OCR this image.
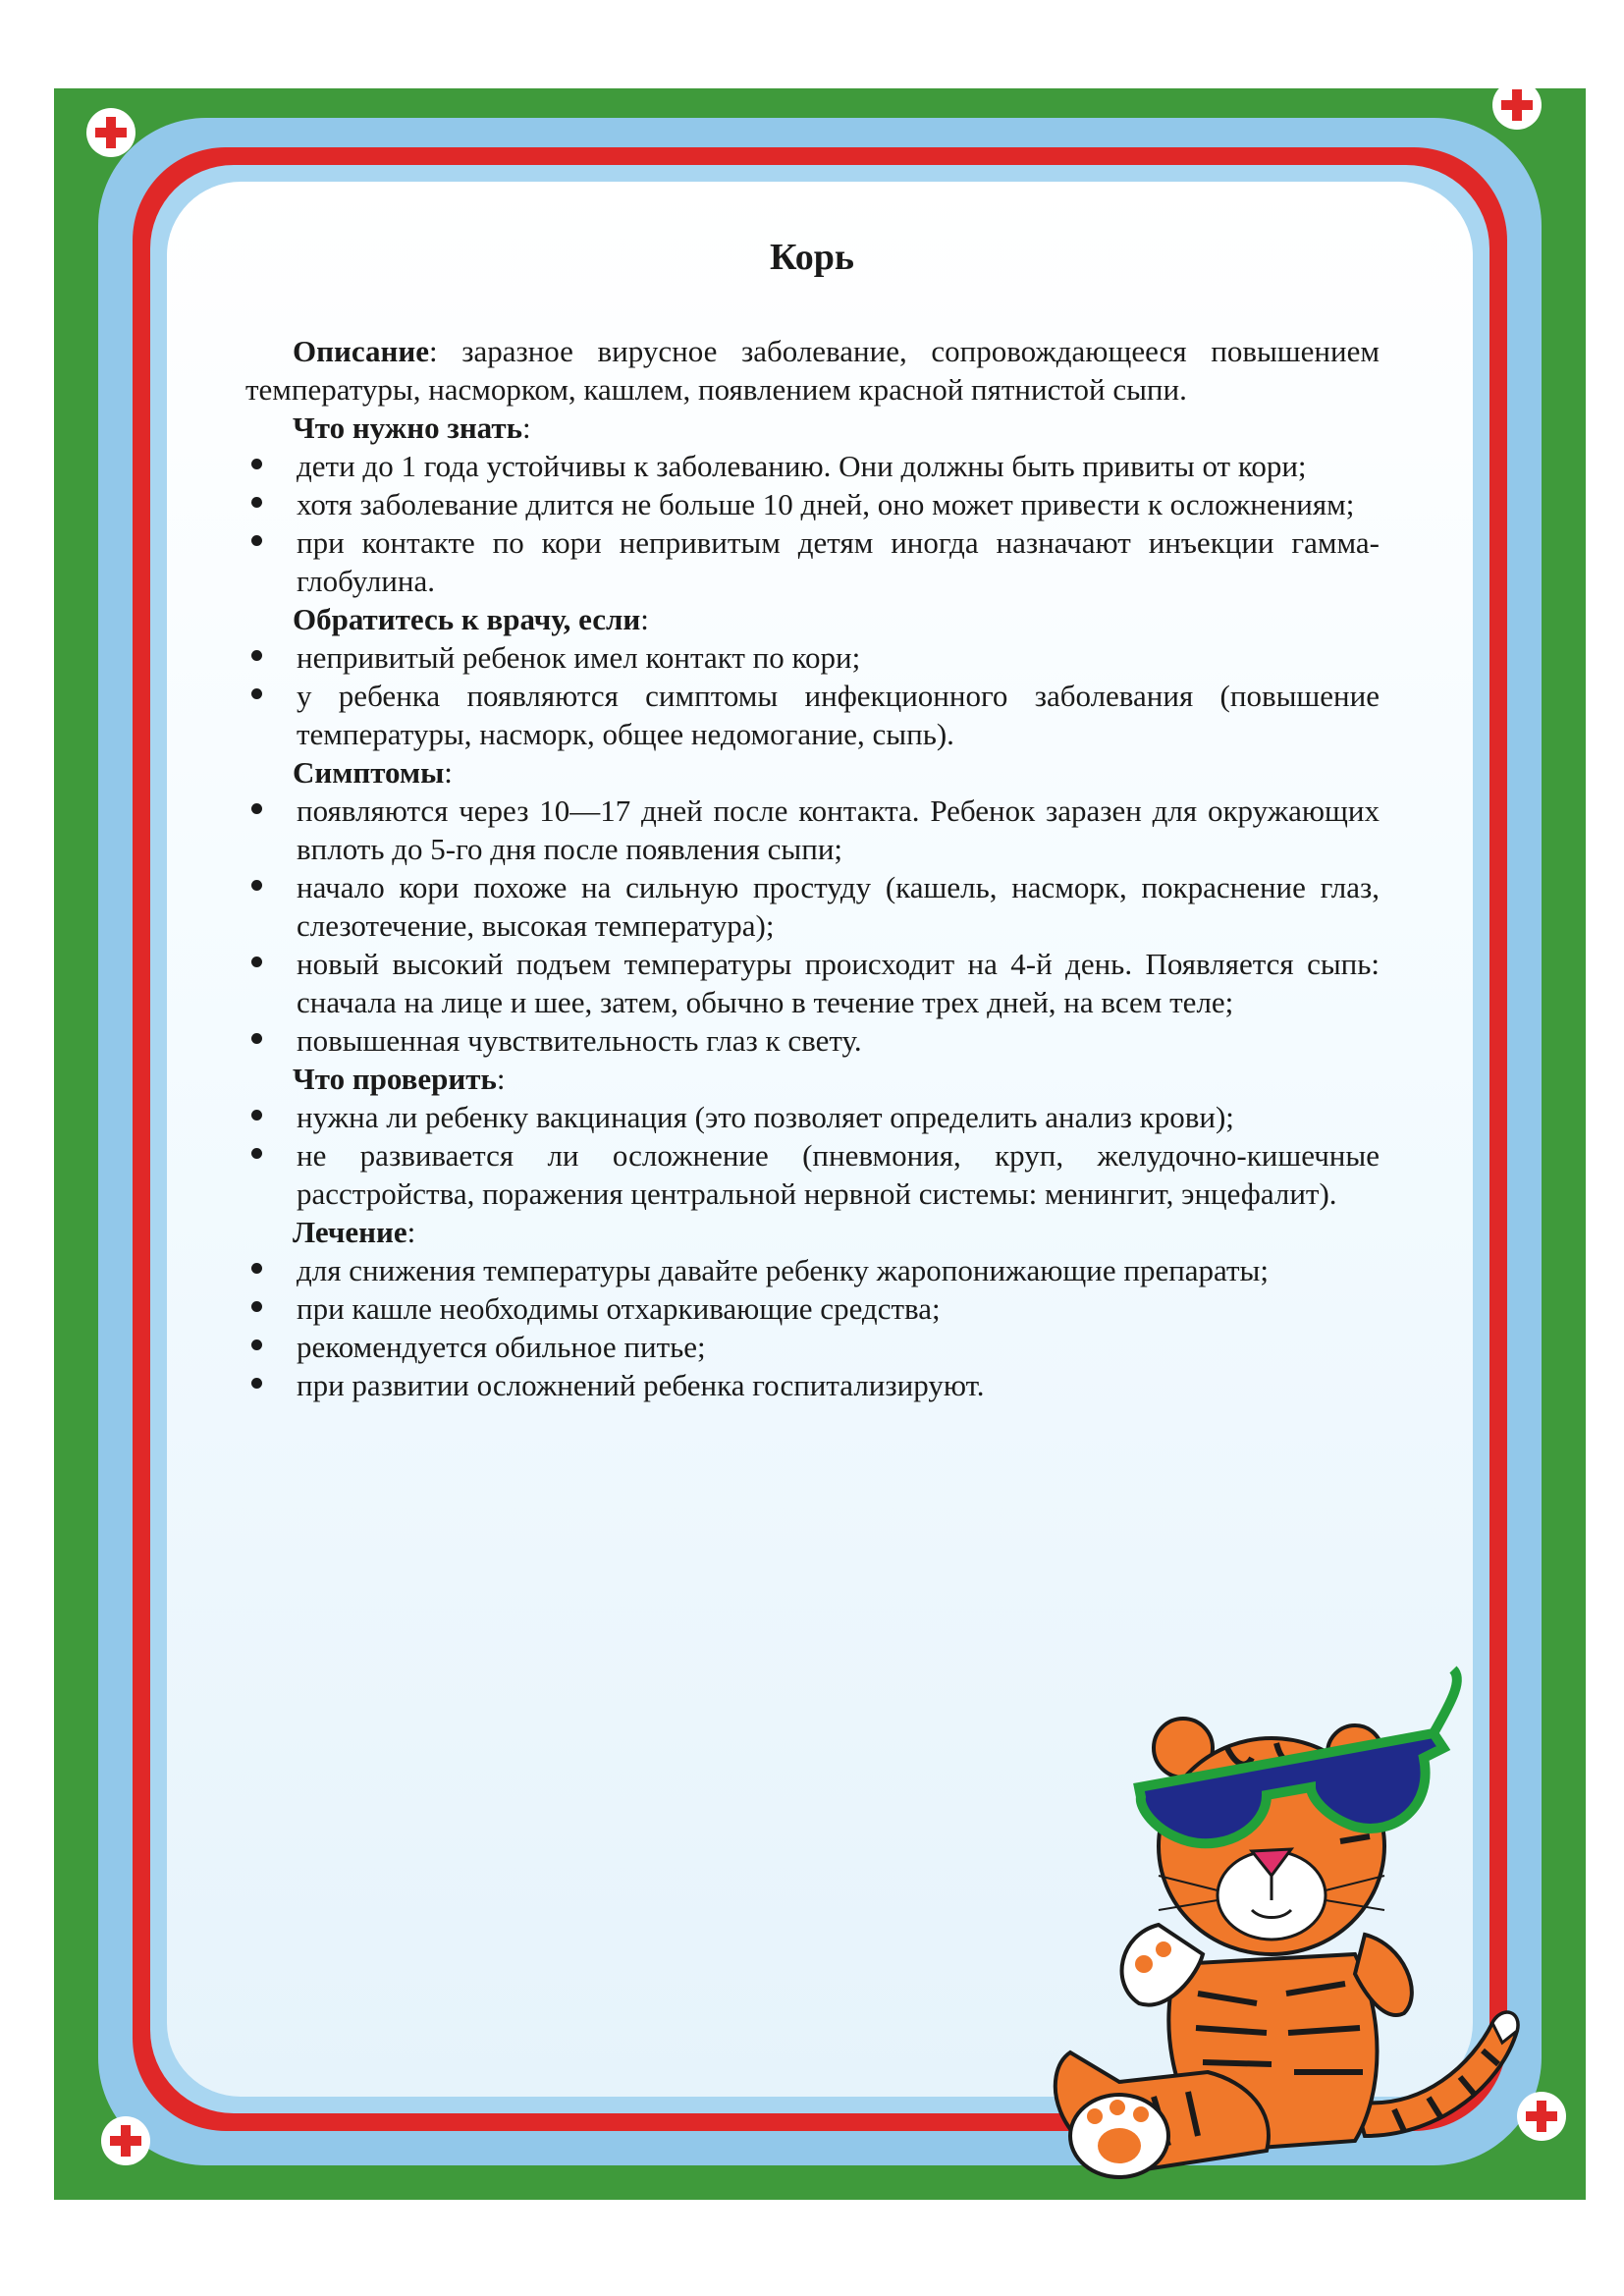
Корь

Описание: заразное вирусное заболевание, сопровождающееся повышением температуры, насморком, кашлем, появлением красной пятнистой сыпи.

Что нужно знать:

дети до 1 года устойчивы к заболеванию. Они должны быть привиты от кори;
хотя заболевание длится не больше 10 дней, оно может привести к осложнениям;
при контакте по кори непривитым детям иногда назначают инъекции гамма-глобулина.

Обратитесь к врачу, если:

непривитый ребенок имел контакт по кори;
у ребенка появляются симптомы инфекционного заболевания (повышение температуры, насморк, общее недомогание, сыпь).

Симптомы:

появляются через 10—17 дней после контакта. Ребенок заразен для окружающих вплоть до 5-го дня после появления сыпи;
начало кори похоже на сильную простуду (кашель, насморк, покраснение глаз, слезотечение, высокая температура);
новый высокий подъем температуры происходит на 4-й день. Появляется сыпь: сначала на лице и шее, затем, обычно в течение трех дней, на всем теле;
повышенная чувствительность глаз к свету.

Что проверить:

нужна ли ребенку вакцинация (это позволяет определить анализ крови);
не развивается ли осложнение (пневмония, круп, желудочно-кишечные расстройства, поражения центральной нервной системы: менингит, энцефалит).

Лечение:

для снижения температуры давайте ребенку жаропонижающие препараты;
при кашле необходимы отхаркивающие средства;
рекомендуется обильное питье;
при развитии осложнений ребенка госпитализируют.
